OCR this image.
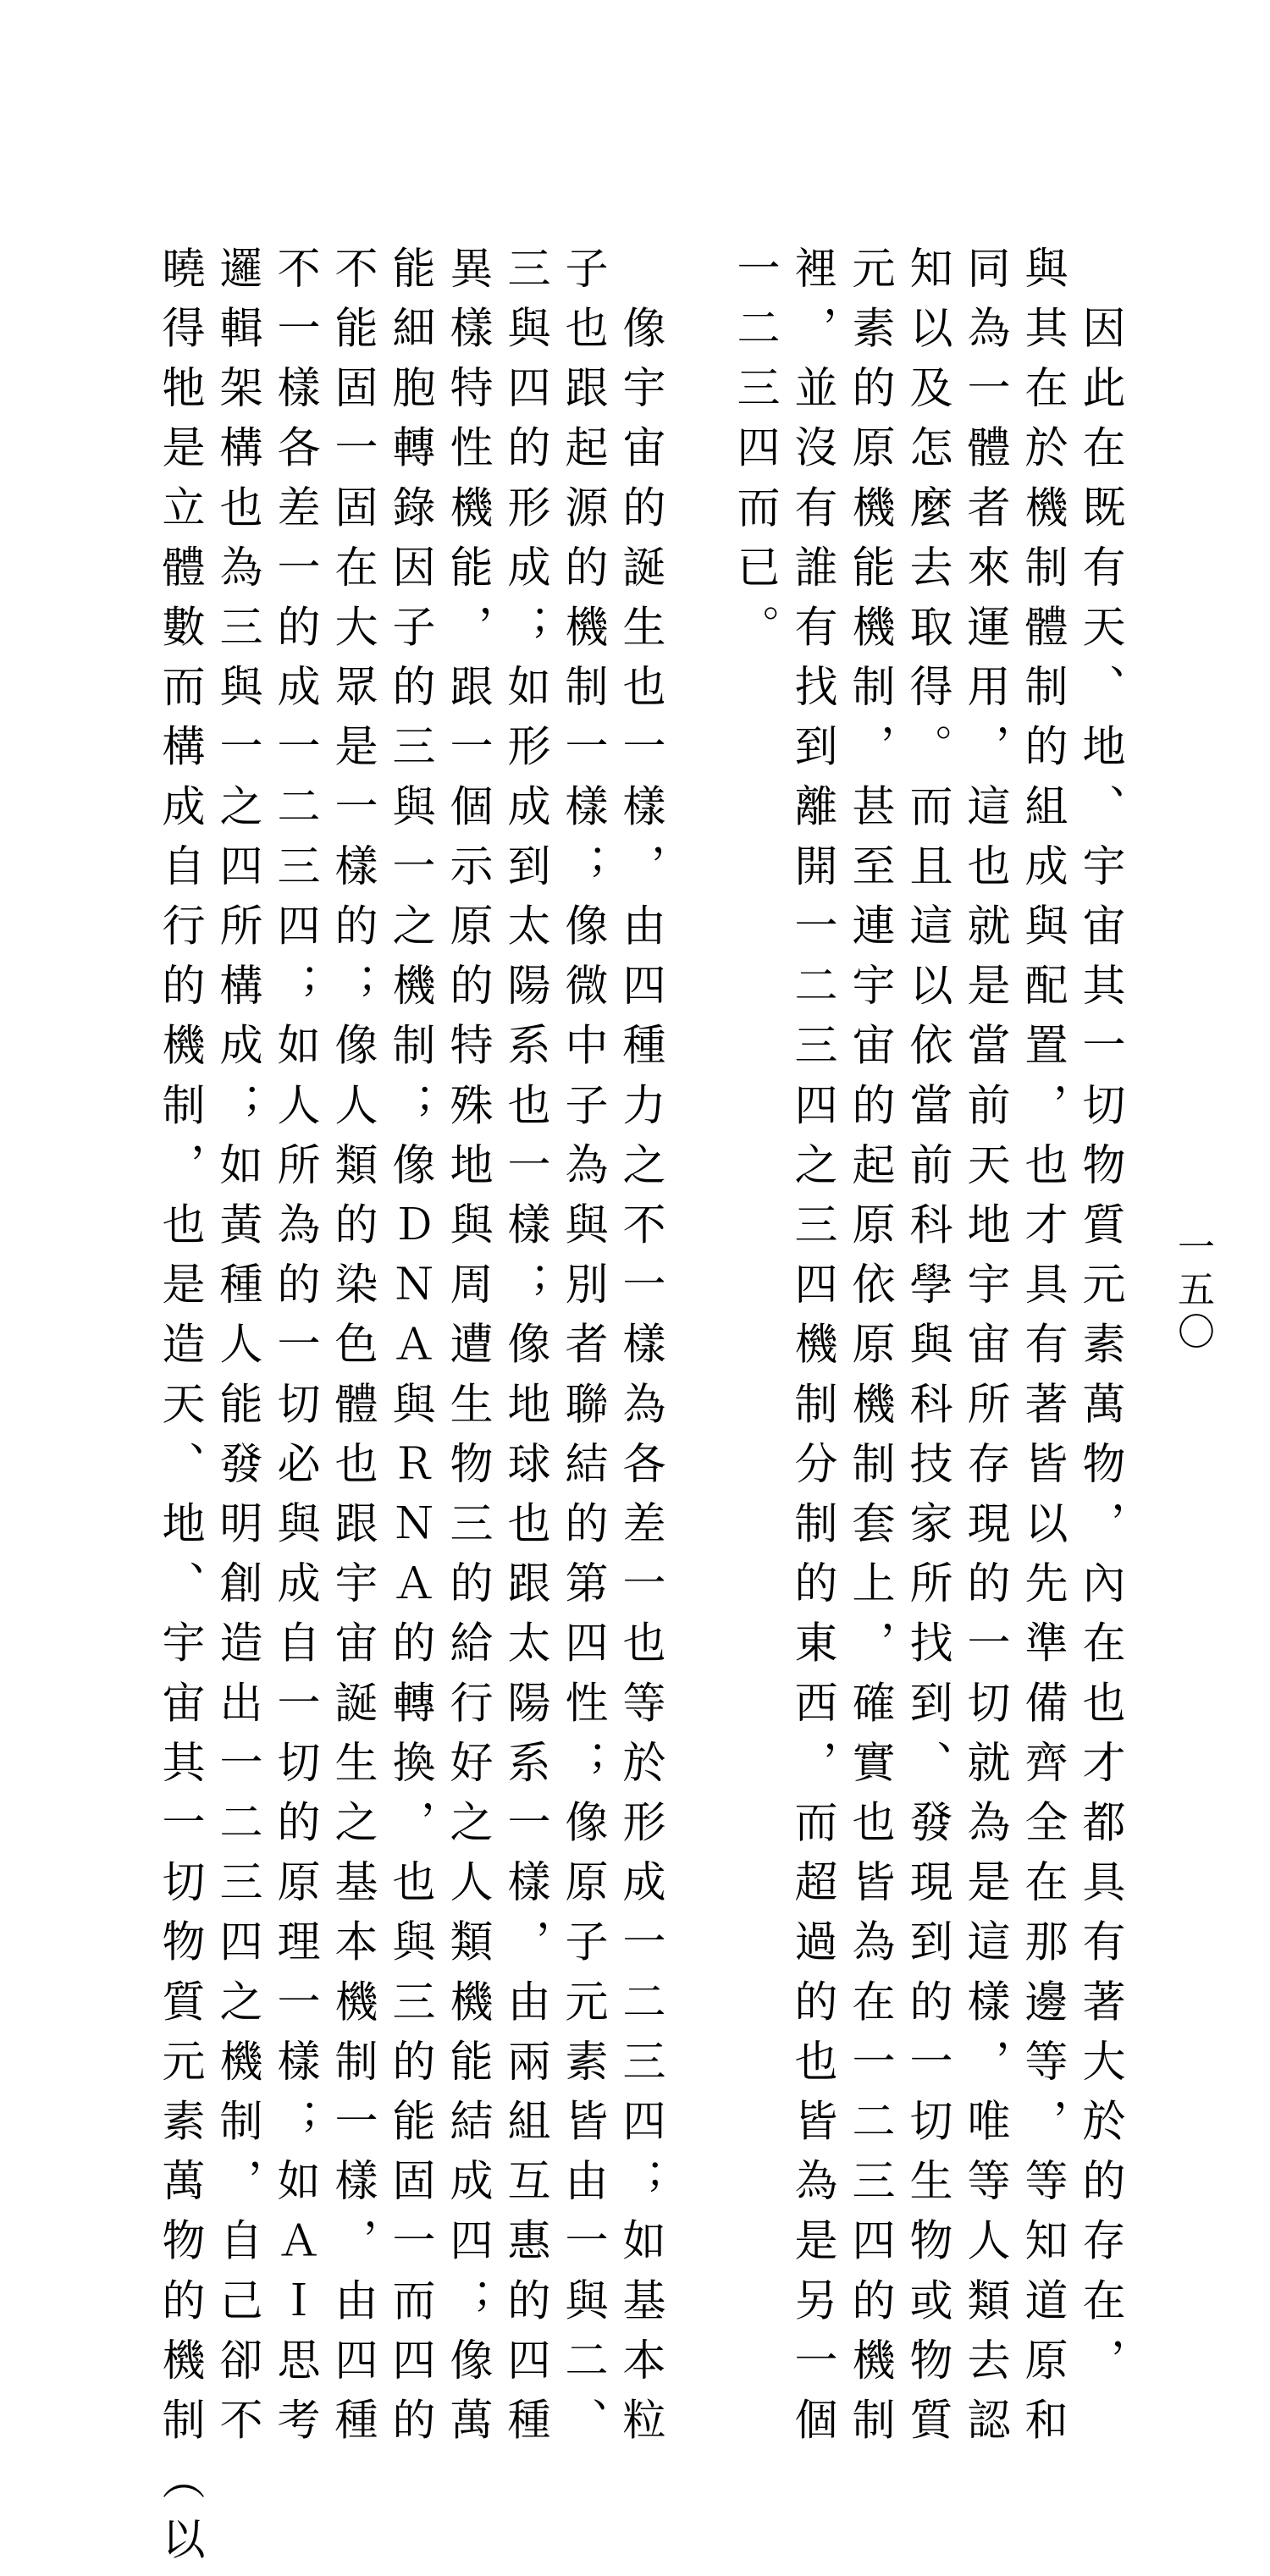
　因此在既有天、地、宇宙其一切物質元素萬物，內在也才都具有著大於的存在，
與其在於機制體制的組成與配置，也才具有著皆以先準備齊全在那邊等，等知道原和
同為一體者來運用，這也就是當前天地宇宙所存現的一切就為是這樣，唯等人類去認
知以及怎麼去取得。而且這以依當前科學與科技家所找到、發現到的一切生物或物質
元素的原機能機制，甚至連宇宙的起原依原機制套上，確實也皆為在一二三四的機制
裡，並沒有誰有找到離開一二三四之三四機制分制的東西，而超過的也皆為是另一個
一二三四而已。
　像宇宙的誕生也一樣，由四種力之不一樣為各差一也等於形成一二三四；如基本粒
子也跟起源的機制一樣；像微中子為與別者聯結的第四性；像原子元素皆由一與二、
三與四的形成；如形成到太陽系也一樣；像地球也跟太陽系一樣，由兩組互惠的四種
異樣特性機能，跟一個示原的特殊地與周遭生物三的給行好之人類機能結成四；像萬
能細胞轉錄因子的三與一之機制；像ＤＮＡ與ＲＮＡ的轉換，也與三的能固一而四的
不能固一固在大眾是一樣的；像人類的染色體也跟宇宙誕生之基本機制一樣，由四種
不一樣各差一的成一二三四；如人所為的一切必與成自一切的原理一樣；如ＡＩ思考
邏輯架構也為三與一之四所構成；如黃種人能發明創造出一二三四之機制，自己卻不
曉得牠是立體數而構成自行的機制，也是造天、地、宇宙其一切物質元素萬物的機制（以	一五〇
